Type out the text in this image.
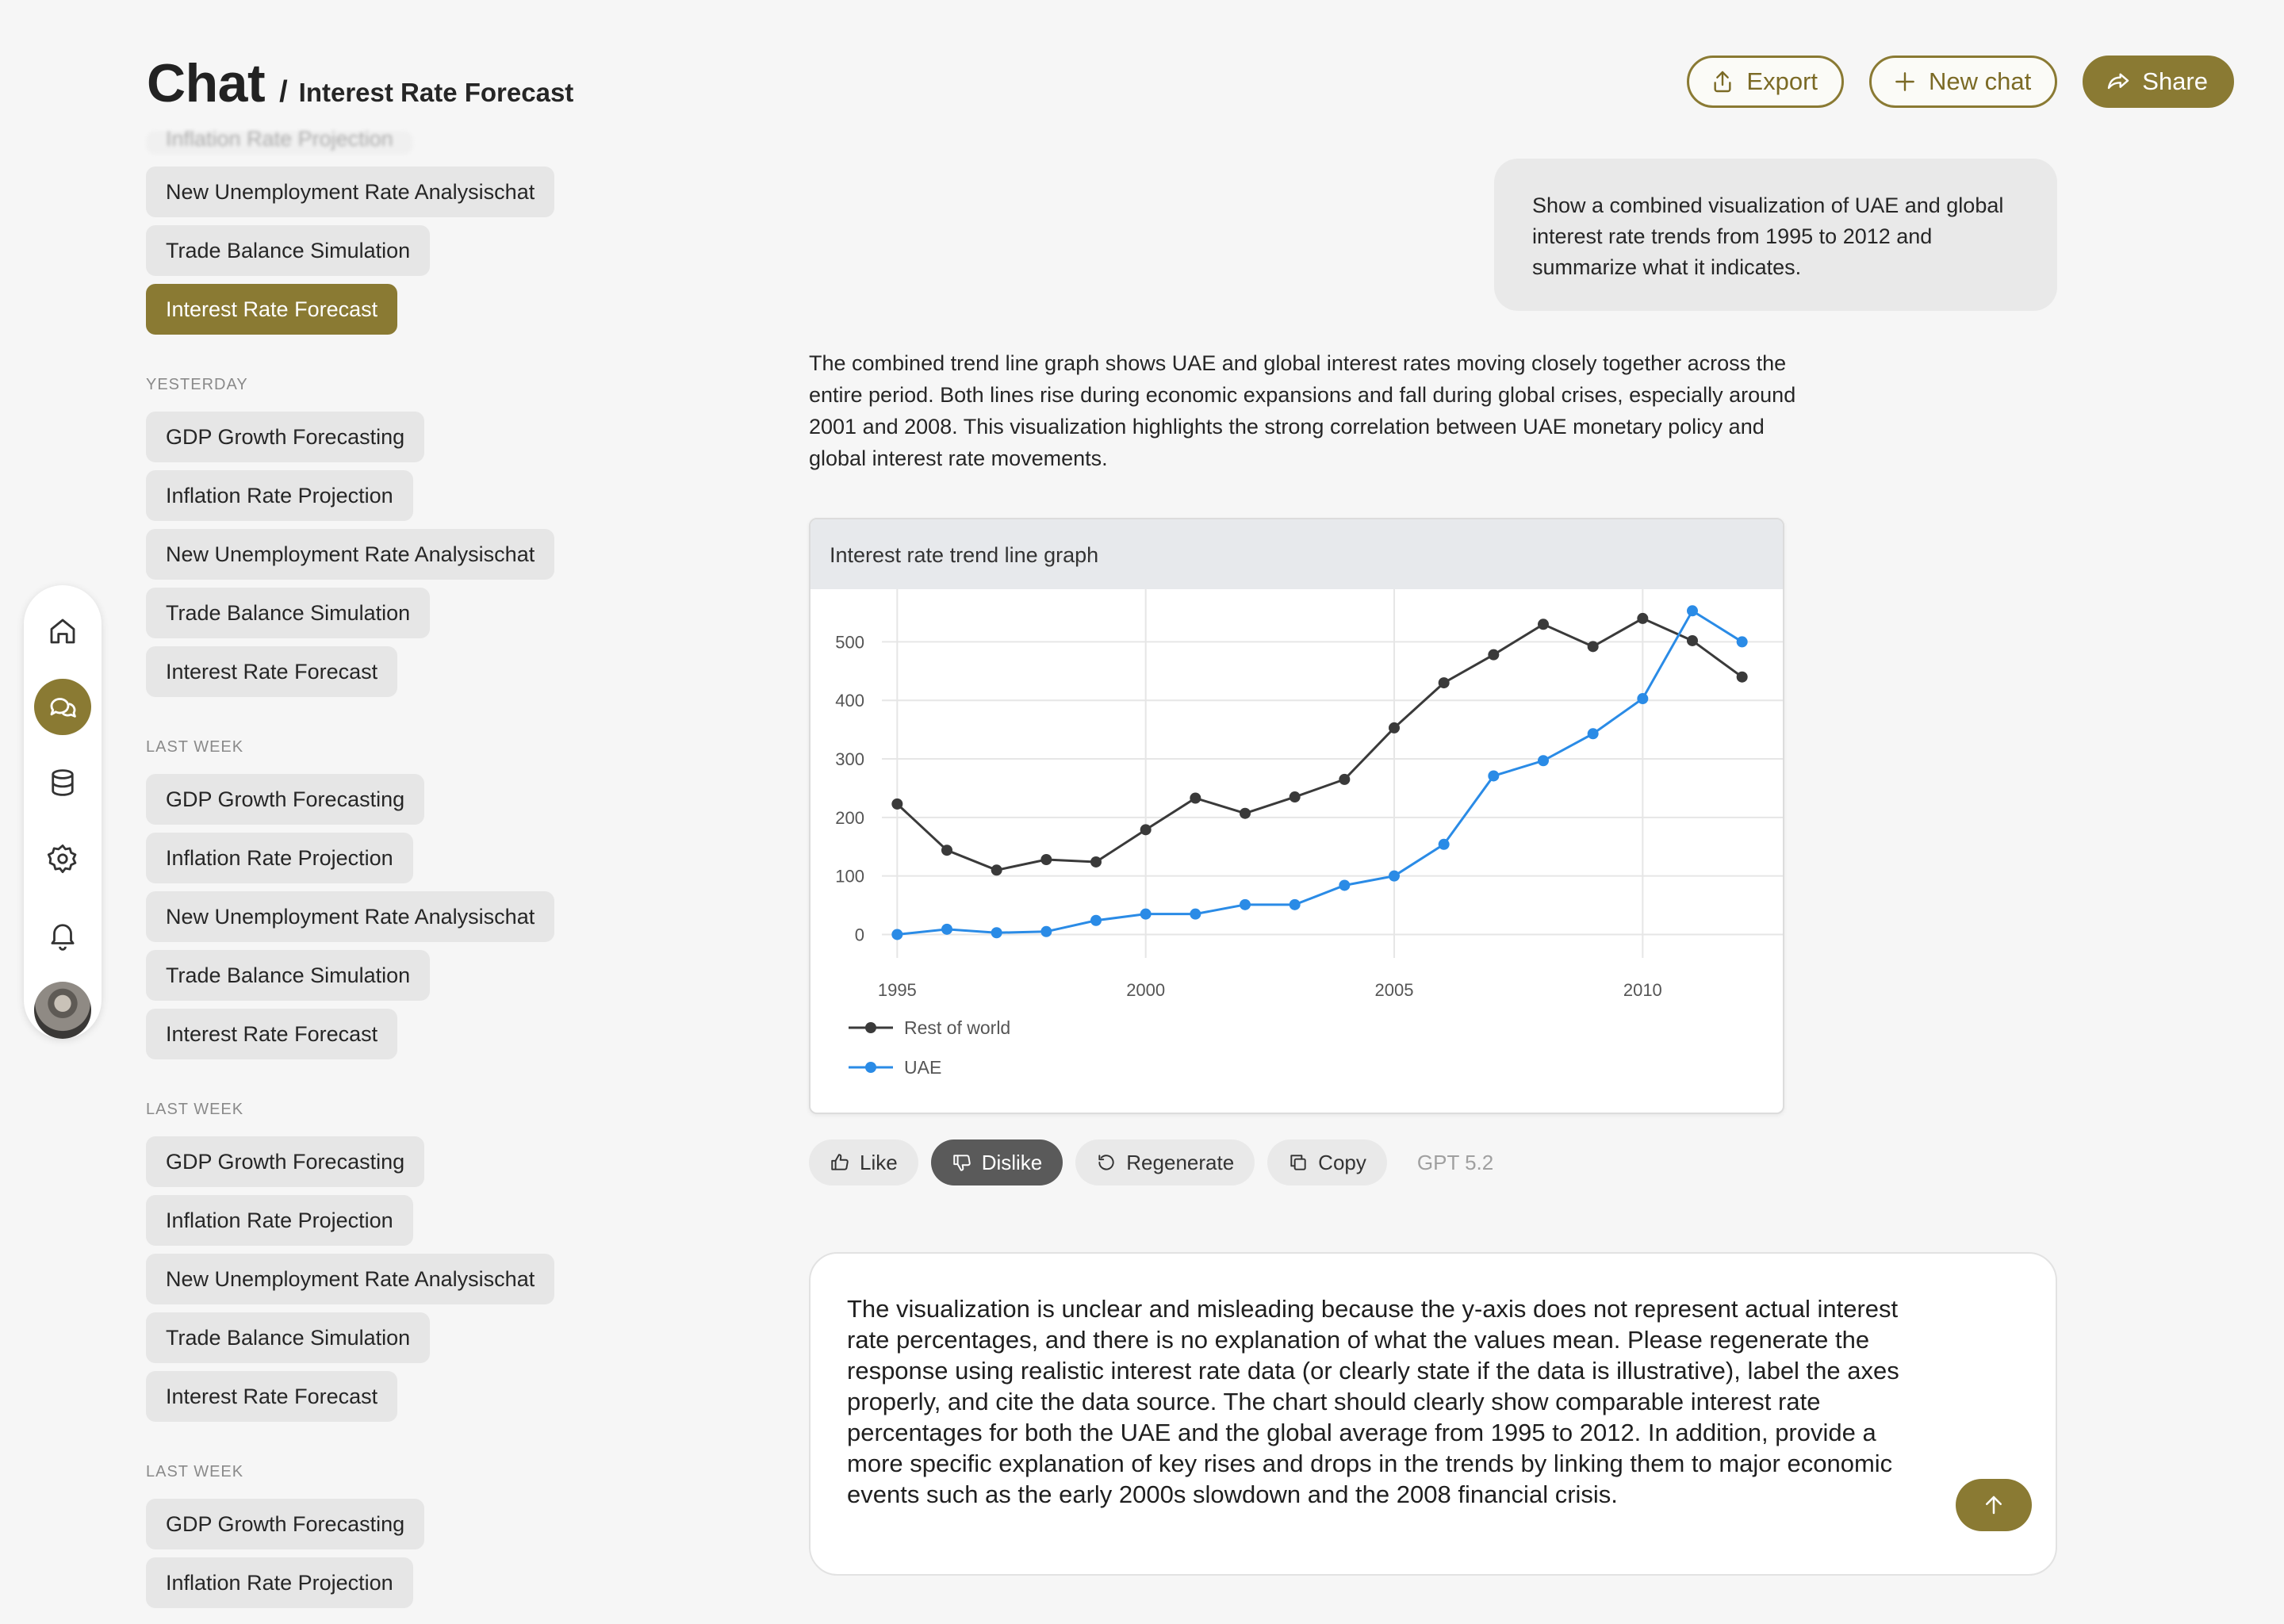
Chat / Interest Rate Forecast	Export	New chat	Share
Inflation Rate Projection
New Unemployment Rate Analysischat
Trade Balance Simulation
Interest Rate Forecast
YESTERDAY
GDP Growth Forecasting
Inflation Rate Projection
New Unemployment Rate Analysischat
Trade Balance Simulation
Interest Rate Forecast
LAST WEEK
GDP Growth Forecasting
Inflation Rate Projection
New Unemployment Rate Analysischat
Trade Balance Simulation
Interest Rate Forecast
LAST WEEK
GDP Growth Forecasting
Inflation Rate Projection
New Unemployment Rate Analysischat
Trade Balance Simulation
Interest Rate Forecast
LAST WEEK
GDP Growth Forecasting
Inflation Rate Projection
Show a combined visualization of UAE and global interest rate trends from 1995 to 2012 and summarize what it indicates.
The combined trend line graph shows UAE and global interest rates moving closely together across the entire period. Both lines rise during economic expansions and fall during global crises, especially around 2001 and 2008. This visualization highlights the strong correlation between UAE monetary policy and global interest rate movements.
Interest rate trend line graph
0
100
200
300
400
500
1995	2000	2005	2010
Rest of world
UAE
Like	Dislike	Regenerate	Copy GPT 5.2
The visualization is unclear and misleading because the y-axis does not represent actual interest rate percentages, and there is no explanation of what the values mean. Please regenerate the response using realistic interest rate data (or clearly state if the data is illustrative), label the axes properly, and cite the data source. The chart should clearly show comparable interest rate percentages for both the UAE and the global average from 1995 to 2012. In addition, provide a more specific explanation of key rises and drops in the trends by linking them to major economic events such as the early 2000s slowdown and the 2008 financial crisis.
